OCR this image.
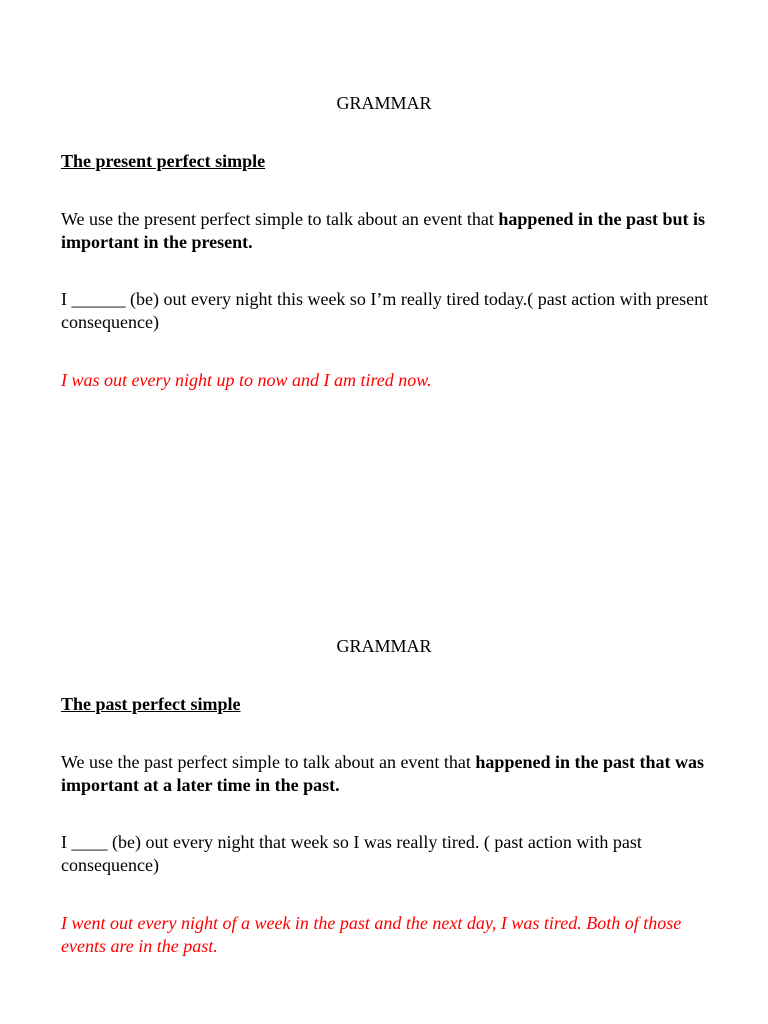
GRAMMAR
The present perfect simple
We use the present perfect simple to talk about an event that happened in the past but is important in the present.
I ______ (be) out every night this week so I’m really tired today.( past action with present consequence)
I was out every night up to now and I am tired now.
GRAMMAR
The past perfect simple
We use the past perfect simple to talk about an event that happened in the past that was important at a later time in the past.
I ____ (be) out every night that week so I was really tired. ( past action with past consequence)
I went out every night of a week in the past and the next day, I was tired. Both of those events are in the past.
